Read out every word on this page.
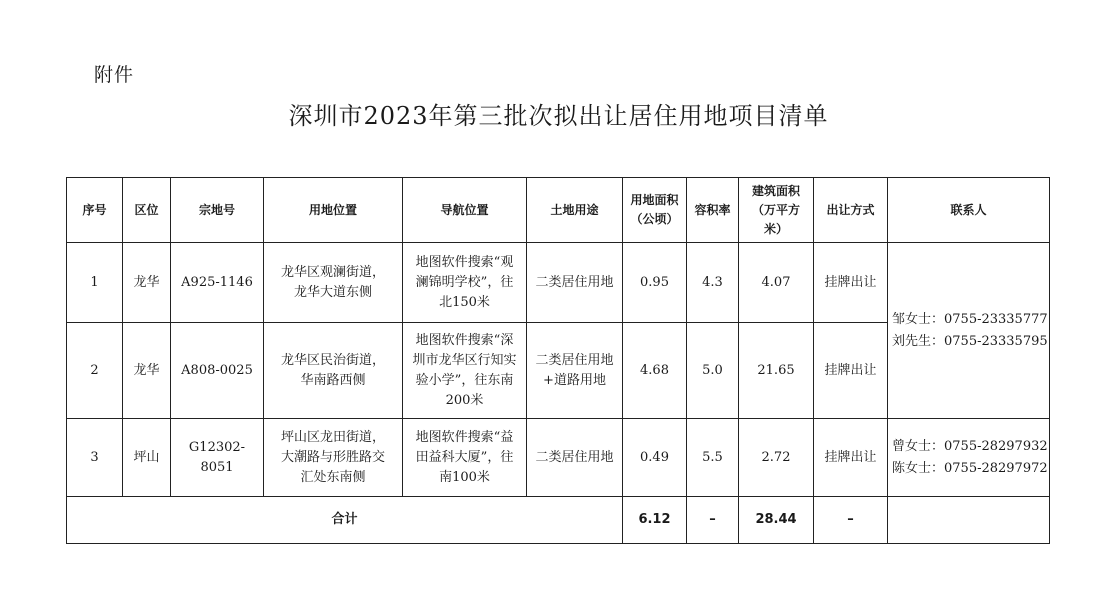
附件
深圳市2023年第三批次拟出让居住用地项目清单
序号	区位	宗地号	用地位置	导航位置	土地用途	用地面积（公顷）	容积率	建筑面积（万平方米）	出让方式	联系人
1	龙华	A925-1146	龙华区观澜街道，龙华大道东侧	地图软件搜索“观澜锦明学校”，往北150米	二类居住用地	0.95	4.3	4.07	挂牌出让	邹女士：0755-23335777
刘先生：0755-23335795

2	龙华	A808-0025	龙华区民治街道，华南路西侧	地图软件搜索“深圳市龙华区行知实验小学”，往东南200米	二类居住用地+道路用地	4.68	5.0	21.65	挂牌出让	
3	坪山	G12302-8051	坪山区龙田街道，大潮路与形胜路交汇处东南侧	地图软件搜索“益田益科大厦”，往南100米	二类居住用地	0.49	5.5	2.72	挂牌出让	曾女士：0755-28297932
陈女士：0755-28297972

合计						6.12	–	28.44	–	
